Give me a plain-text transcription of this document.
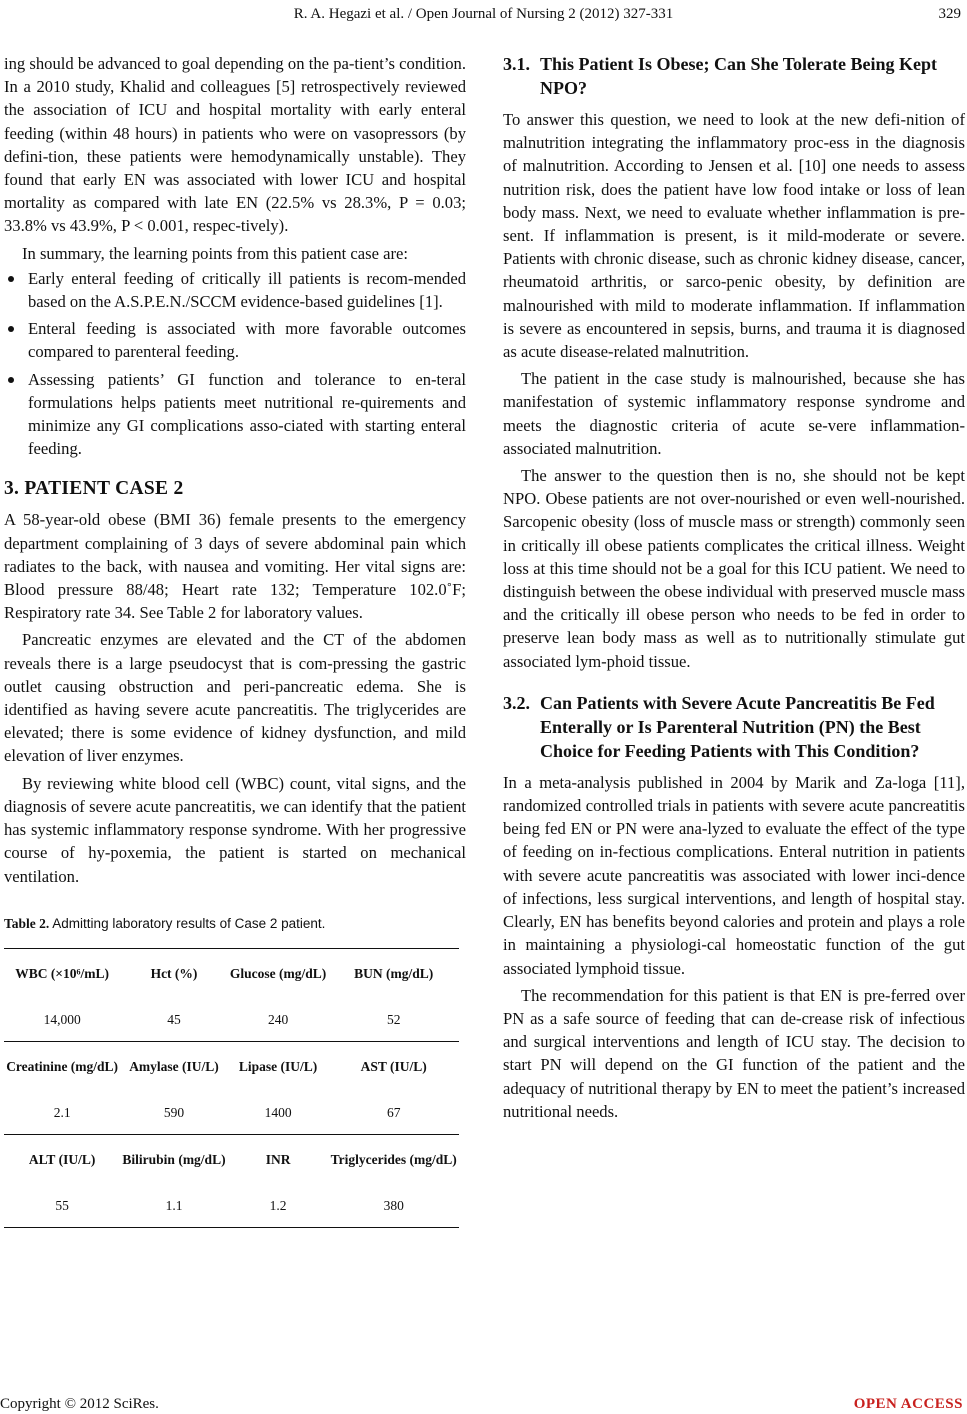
R. A. Hegazi et al. / Open Journal of Nursing 2 (2012) 327-331	329

ing should be advanced to goal depending on the pa-tient’s condition. In a 2010 study, Khalid and colleagues [5] retrospectively reviewed the association of ICU and hospital mortality with early enteral feeding (within 48 hours) in patients who were on vasopressors (by defini-tion, these patients were hemodynamically unstable). They found that early EN was associated with lower ICU and hospital mortality as compared with late EN (22.5% vs 28.3%, P = 0.03; 33.8% vs 43.9%, P < 0.001, respec-tively).

In summary, the learning points from this patient case are:

Early enteral feeding of critically ill patients is recom-mended based on the A.S.P.E.N./SCCM evidence-based guidelines [1].
Enteral feeding is associated with more favorable outcomes compared to parenteral feeding.
Assessing patients’ GI function and tolerance to en-teral formulations helps patients meet nutritional re-quirements and minimize any GI complications asso-ciated with starting enteral feeding.
3. PATIENT CASE 2

A 58-year-old obese (BMI 36) female presents to the emergency department complaining of 3 days of severe abdominal pain which radiates to the back, with nausea and vomiting. Her vital signs are: Blood pressure 88/48; Heart rate 132; Temperature 102.0˚F; Respiratory rate 34. See Table 2 for laboratory values.

Pancreatic enzymes are elevated and the CT of the abdomen reveals there is a large pseudocyst that is com-pressing the gastric outlet causing obstruction and peri-pancreatic edema. She is identified as having severe acute pancreatitis. The triglycerides are elevated; there is some evidence of kidney dysfunction, and mild elevation of liver enzymes.

By reviewing white blood cell (WBC) count, vital signs, and the diagnosis of severe acute pancreatitis, we can identify that the patient has systemic inflammatory response syndrome. With her progressive course of hy-poxemia, the patient is started on mechanical ventilation.

Table 2. Admitting laboratory results of Case 2 patient.
WBC (×10⁶/mL)	Hct (%)	Glucose (mg/dL)	BUN (mg/dL)
14,000	45	240	52
Creatinine (mg/dL)	Amylase (IU/L)	Lipase (IU/L)	AST (IU/L)
2.1	590	1400	67
ALT (IU/L)	Bilirubin (mg/dL)	INR	Triglycerides (mg/dL)
55	1.1	1.2	380
3.1. This Patient Is Obese; Can She Tolerate Being Kept NPO?

To answer this question, we need to look at the new defi-nition of malnutrition integrating the inflammatory proc-ess in the diagnosis of malnutrition. According to Jensen et al. [10] one needs to assess nutrition risk, does the patient have low food intake or loss of lean body mass. Next, we need to evaluate whether inflammation is pre-sent. If inflammation is present, is it mild-moderate or severe. Patients with chronic disease, such as chronic kidney disease, cancer, rheumatoid arthritis, or sarco-penic obesity, by definition are malnourished with mild to moderate inflammation. If inflammation is severe as encountered in sepsis, burns, and trauma it is diagnosed as acute disease-related malnutrition.

The patient in the case study is malnourished, because she has manifestation of systemic inflammatory response syndrome and meets the diagnostic criteria of acute se-vere inflammation-associated malnutrition.

The answer to the question then is no, she should not be kept NPO. Obese patients are not over-nourished or even well-nourished. Sarcopenic obesity (loss of muscle mass or strength) commonly seen in critically ill obese patients complicates the critical illness. Weight loss at this time should not be a goal for this ICU patient. We need to distinguish between the obese individual with preserved muscle mass and the critically ill obese person who needs to be fed in order to preserve lean body mass as well as to nutritionally stimulate gut associated lym-phoid tissue.

3.2. Can Patients with Severe Acute Pancreatitis Be Fed Enterally or Is Parenteral Nutrition (PN) the Best Choice for Feeding Patients with This Condition?

In a meta-analysis published in 2004 by Marik and Za-loga [11], randomized controlled trials in patients with severe acute pancreatitis being fed EN or PN were ana-lyzed to evaluate the effect of the type of feeding on in-fectious complications. Enteral nutrition in patients with severe acute pancreatitis was associated with lower inci-dence of infections, less surgical interventions, and length of hospital stay. Clearly, EN has benefits beyond calories and protein and plays a role in maintaining a physiologi-cal homeostatic function of the gut associated lymphoid tissue.

The recommendation for this patient is that EN is pre-ferred over PN as a safe source of feeding that can de-crease risk of infectious and surgical interventions and length of ICU stay. The decision to start PN will depend on the GI function of the patient and the adequacy of nutritional therapy by EN to meet the patient’s increased nutritional needs.

Copyright © 2012 SciRes.	OPEN ACCESS
